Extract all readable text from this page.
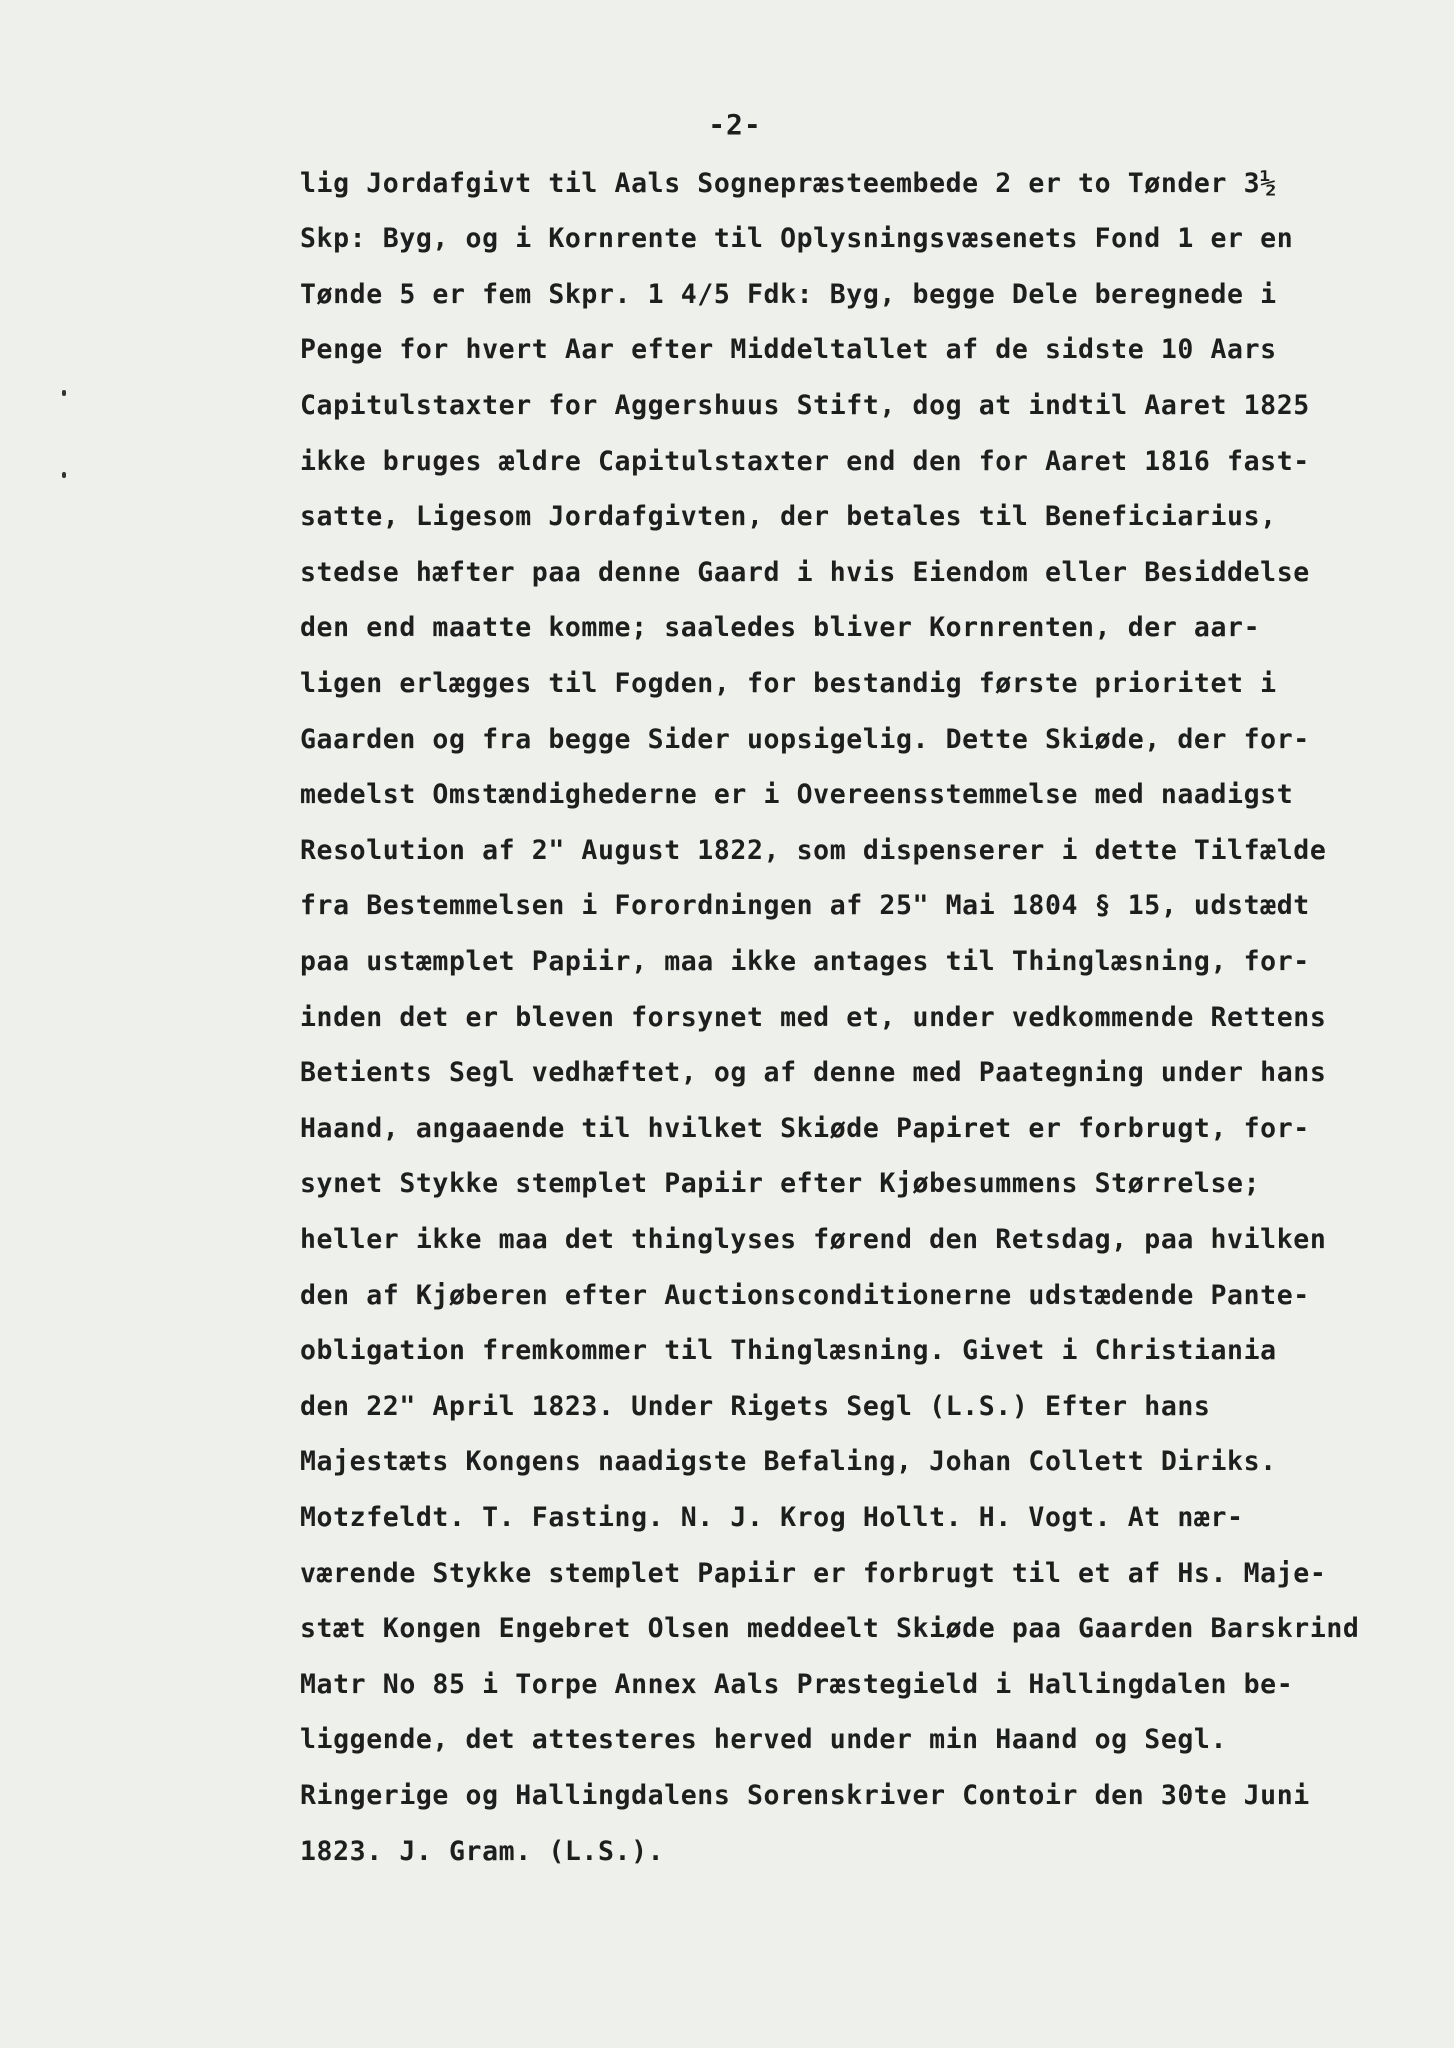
-2-
lig Jordafgivt til Aals Sognepræsteembede 2 er to Tønder 3½
Skp: Byg, og i Kornrente til Oplysningsvæsenets Fond 1 er en
Tønde 5 er fem Skpr. 1 4/5 Fdk: Byg, begge Dele beregnede i
Penge for hvert Aar efter Middeltallet af de sidste 10 Aars
Capitulstaxter for Aggershuus Stift, dog at indtil Aaret 1825
ikke bruges ældre Capitulstaxter end den for Aaret 1816 fast-
satte, Ligesom Jordafgivten, der betales til Beneficiarius,
stedse hæfter paa denne Gaard i hvis Eiendom eller Besiddelse
den end maatte komme; saaledes bliver Kornrenten, der aar-
ligen erlægges til Fogden, for bestandig første prioritet i
Gaarden og fra begge Sider uopsigelig. Dette Skiøde, der for-
medelst Omstændighederne er i Overeensstemmelse med naadigst
Resolution af 2" August 1822, som dispenserer i dette Tilfælde
fra Bestemmelsen i Forordningen af 25" Mai 1804 § 15, udstædt
paa ustæmplet Papiir, maa ikke antages til Thinglæsning, for-
inden det er bleven forsynet med et, under vedkommende Rettens
Betients Segl vedhæftet, og af denne med Paategning under hans
Haand, angaaende til hvilket Skiøde Papiret er forbrugt, for-
synet Stykke stemplet Papiir efter Kjøbesummens Størrelse;
heller ikke maa det thinglyses førend den Retsdag, paa hvilken
den af Kjøberen efter Auctionsconditionerne udstædende Pante-
obligation fremkommer til Thinglæsning. Givet i Christiania
den 22" April 1823. Under Rigets Segl (L.S.) Efter hans
Majestæts Kongens naadigste Befaling, Johan Collett Diriks.
Motzfeldt. T. Fasting. N. J. Krog Hollt. H. Vogt. At nær-
værende Stykke stemplet Papiir er forbrugt til et af Hs. Maje-
stæt Kongen Engebret Olsen meddeelt Skiøde paa Gaarden Barskrind
Matr No 85 i Torpe Annex Aals Præstegield i Hallingdalen be-
liggende, det attesteres herved under min Haand og Segl.
Ringerige og Hallingdalens Sorenskriver Contoir den 30te Juni
1823. J. Gram. (L.S.).
